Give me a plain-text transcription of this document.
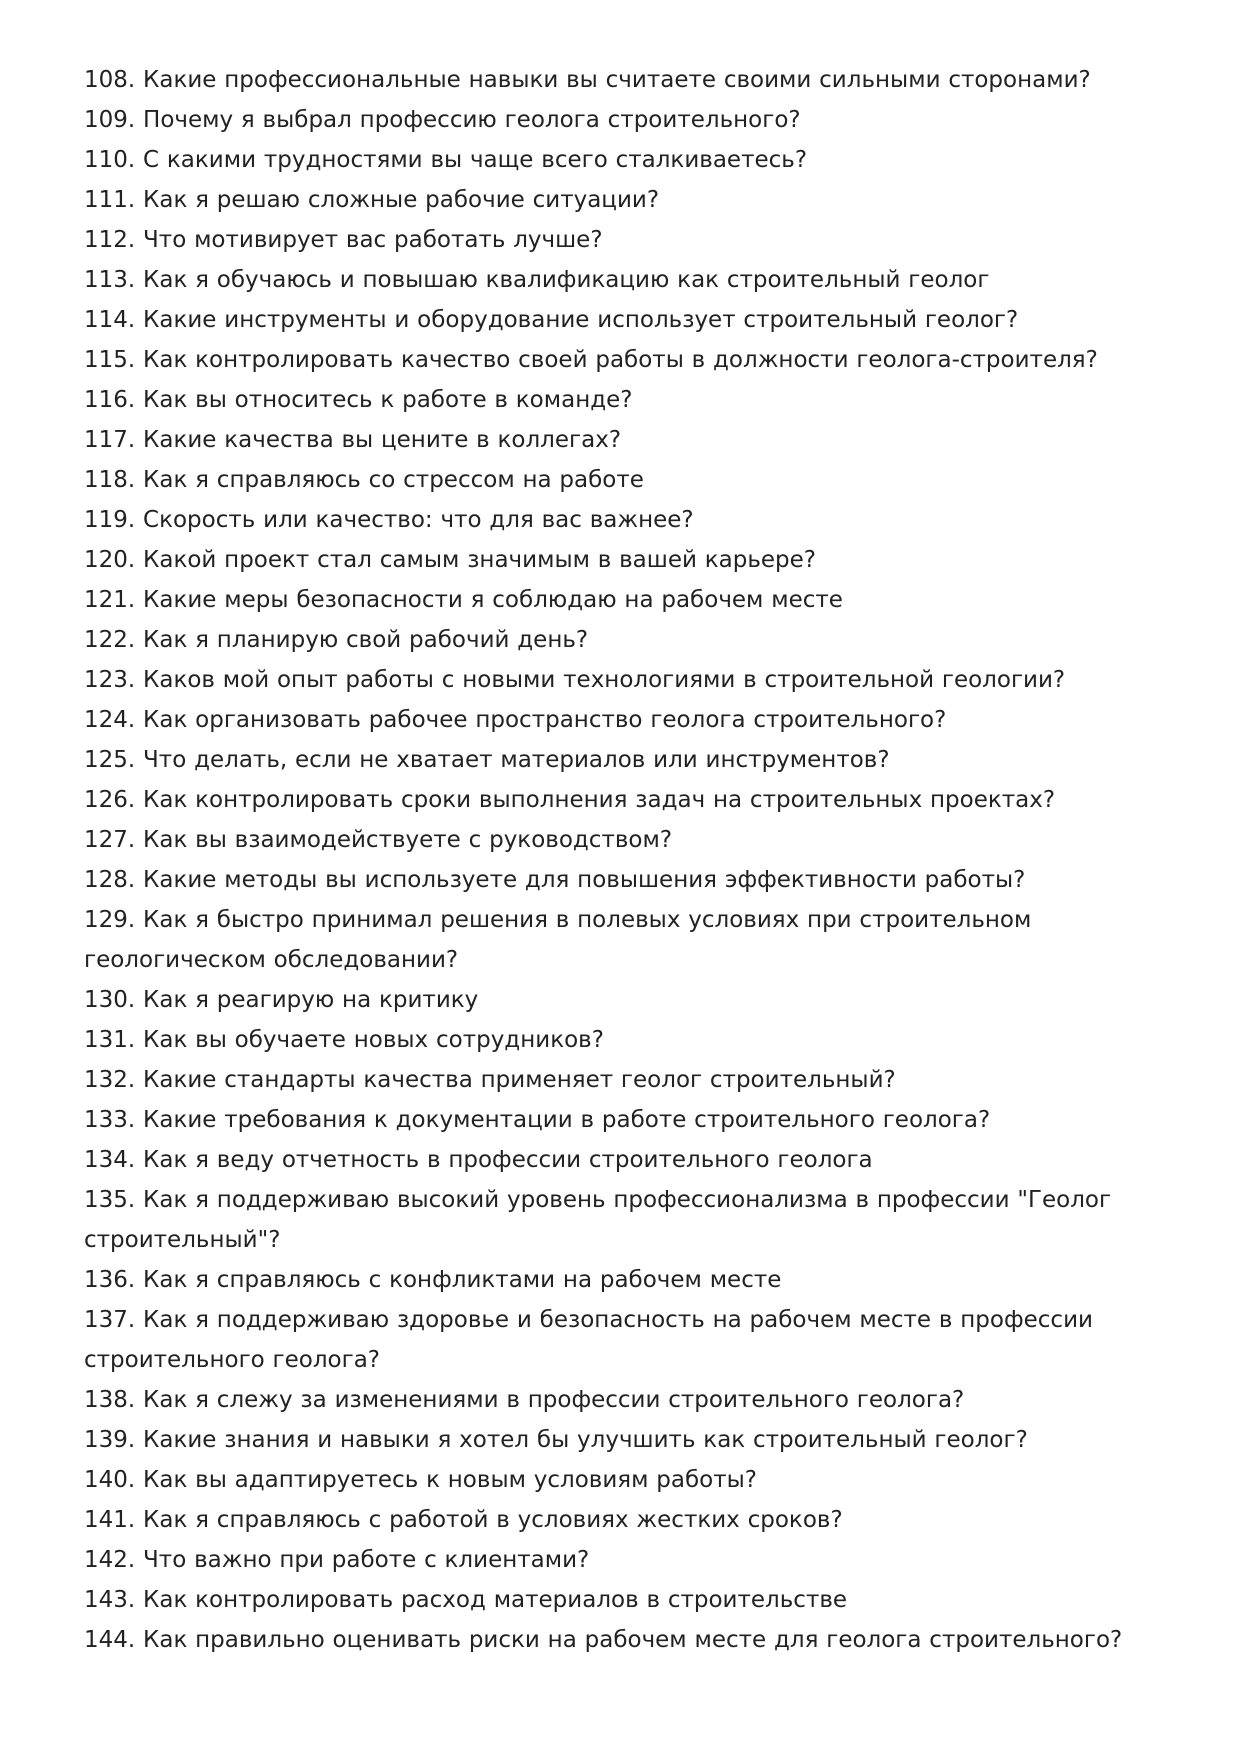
108. Какие профессиональные навыки вы считаете своими сильными сторонами?
109. Почему я выбрал профессию геолога строительного?
110. С какими трудностями вы чаще всего сталкиваетесь?
111. Как я решаю сложные рабочие ситуации?
112. Что мотивирует вас работать лучше?
113. Как я обучаюсь и повышаю квалификацию как строительный геолог
114. Какие инструменты и оборудование использует строительный геолог?
115. Как контролировать качество своей работы в должности геолога-строителя?
116. Как вы относитесь к работе в команде?
117. Какие качества вы цените в коллегах?
118. Как я справляюсь со стрессом на работе
119. Скорость или качество: что для вас важнее?
120. Какой проект стал самым значимым в вашей карьере?
121. Какие меры безопасности я соблюдаю на рабочем месте
122. Как я планирую свой рабочий день?
123. Каков мой опыт работы с новыми технологиями в строительной геологии?
124. Как организовать рабочее пространство геолога строительного?
125. Что делать, если не хватает материалов или инструментов?
126. Как контролировать сроки выполнения задач на строительных проектах?
127. Как вы взаимодействуете с руководством?
128. Какие методы вы используете для повышения эффективности работы?
129. Как я быстро принимал решения в полевых условиях при строительном геологическом обследовании?
130. Как я реагирую на критику
131. Как вы обучаете новых сотрудников?
132. Какие стандарты качества применяет геолог строительный?
133. Какие требования к документации в работе строительного геолога?
134. Как я веду отчетность в профессии строительного геолога
135. Как я поддерживаю высокий уровень профессионализма в профессии "Геолог строительный"?
136. Как я справляюсь с конфликтами на рабочем месте
137. Как я поддерживаю здоровье и безопасность на рабочем месте в профессии строительного геолога?
138. Как я слежу за изменениями в профессии строительного геолога?
139. Какие знания и навыки я хотел бы улучшить как строительный геолог?
140. Как вы адаптируетесь к новым условиям работы?
141. Как я справляюсь с работой в условиях жестких сроков?
142. Что важно при работе с клиентами?
143. Как контролировать расход материалов в строительстве
144. Как правильно оценивать риски на рабочем месте для геолога строительного?
